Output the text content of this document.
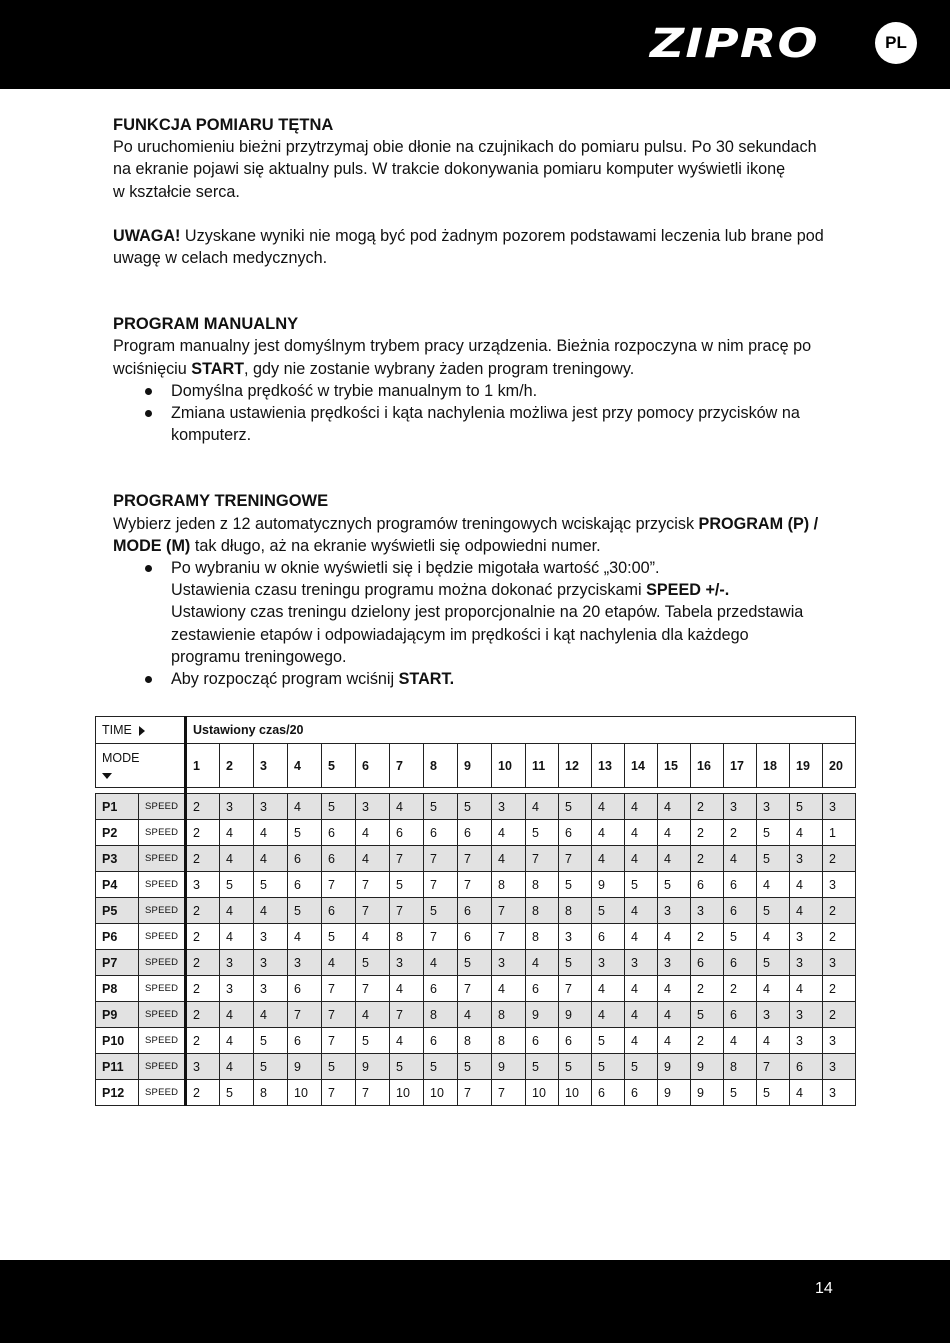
ZIPRO	PL
FUNKCJA POMIARU TĘTNA
Po uruchomieniu bieżni przytrzymaj obie dłonie na czujnikach do pomiaru pulsu. Po 30 sekundach
na ekranie pojawi się aktualny puls. W trakcie dokonywania pomiaru komputer wyświetli ikonę
w kształcie serca.
UWAGA! Uzyskane wyniki nie mogą być pod żadnym pozorem podstawami leczenia lub brane pod
uwagę w celach medycznych.
PROGRAM MANUALNY
Program manualny jest domyślnym trybem pracy urządzenia. Bieżnia rozpoczyna w nim pracę po
wciśnięciu START, gdy nie zostanie wybrany żaden program treningowy.
Domyślna prędkość w trybie manualnym to 1 km/h.
Zmiana ustawienia prędkości i kąta nachylenia możliwa jest przy pomocy przycisków na
komputerz.
PROGRAMY TRENINGOWE
Wybierz jeden z 12 automatycznych programów treningowych wciskając przycisk PROGRAM (P) /
MODE (M) tak długo, aż na ekranie wyświetli się odpowiedni numer.
Po wybraniu w oknie wyświetli się i będzie migotała wartość „30:00”.
Ustawienia czasu treningu programu można dokonać przyciskami SPEED +/-.
Ustawiony czas treningu dzielony jest proporcjonalnie na 20 etapów. Tabela przedstawia
zestawienie etapów i odpowiadającym im prędkości i kąt nachylenia dla każdego
programu treningowego.
Aby rozpocząć program wciśnij START.
TIME		Ustawiony czas/20																			
MODE		1	2	3	4	5	6	7	8	9	10	11	12	13	14	15	16	17	18	19	20

P1	SPEED	2	3	3	4	5	3	4	5	5	3	4	5	4	4	4	2	3	3	5	3
P2	SPEED	2	4	4	5	6	4	6	6	6	4	5	6	4	4	4	2	2	5	4	1
P3	SPEED	2	4	4	6	6	4	7	7	7	4	7	7	4	4	4	2	4	5	3	2
P4	SPEED	3	5	5	6	7	7	5	7	7	8	8	5	9	5	5	6	6	4	4	3
P5	SPEED	2	4	4	5	6	7	7	5	6	7	8	8	5	4	3	3	6	5	4	2
P6	SPEED	2	4	3	4	5	4	8	7	6	7	8	3	6	4	4	2	5	4	3	2
P7	SPEED	2	3	3	3	4	5	3	4	5	3	4	5	3	3	3	6	6	5	3	3
P8	SPEED	2	3	3	6	7	7	4	6	7	4	6	7	4	4	4	2	2	4	4	2
P9	SPEED	2	4	4	7	7	4	7	8	4	8	9	9	4	4	4	5	6	3	3	2
P10	SPEED	2	4	5	6	7	5	4	6	8	8	6	6	5	4	4	2	4	4	3	3
P11	SPEED	3	4	5	9	5	9	5	5	5	9	5	5	5	5	9	9	8	7	6	3
P12	SPEED	2	5	8	10	7	7	10	10	7	7	10	10	6	6	9	9	5	5	4	3
14
